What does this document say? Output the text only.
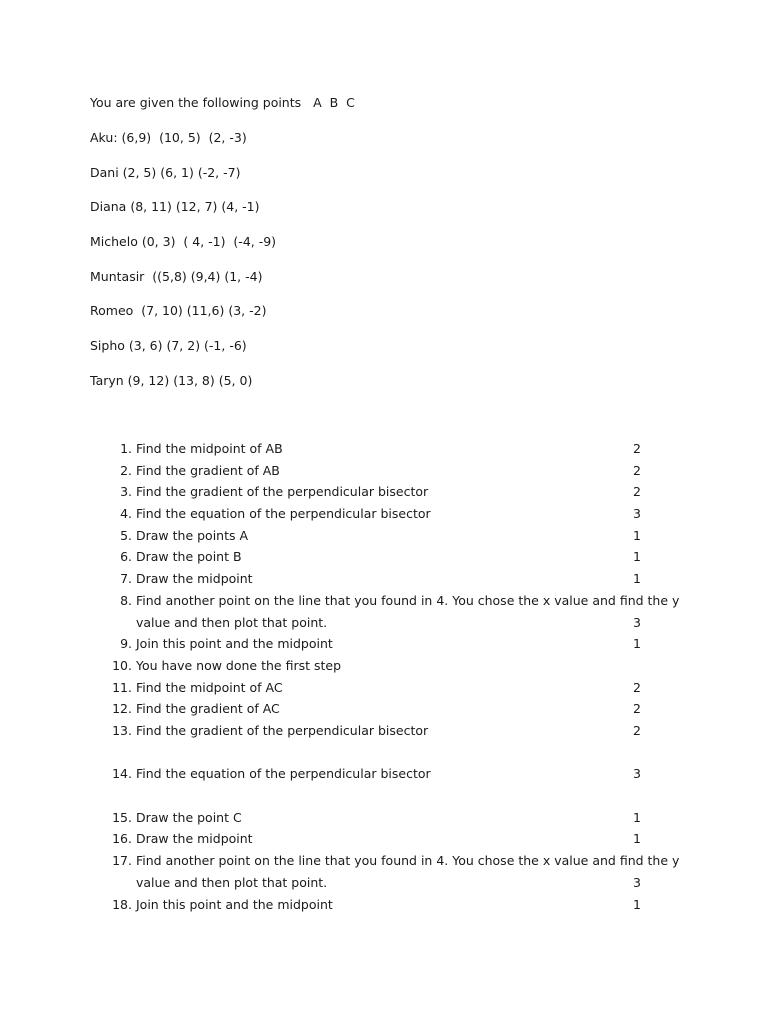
You are given the following points   A  B  C

Aku: (6,9)  (10, 5)  (2, -3)
Dani (2, 5) (6, 1) (-2, -7)
Diana (8, 11) (12, 7) (4, -1)
Michelo (0, 3)  ( 4, -1)  (-4, -9)
Muntasir  ((5,8) (9,4) (1, -4)
Romeo  (7, 10) (11,6) (3, -2)
Sipho (3, 6) (7, 2) (-1, -6)
Taryn (9, 12) (13, 8) (5, 0)
1. Find the midpoint of AB	2
2. Find the gradient of AB	2
3. Find the gradient of the perpendicular bisector	2
4. Find the equation of the perpendicular bisector	3
5. Draw the points A	1
6. Draw the point B	1
7. Draw the midpoint	1
8. Find another point on the line that you found in 4. You chose the x value and find the y
value and then plot that point.	3
9. Join this point and the midpoint	1
10. You have now done the first step
11. Find the midpoint of AC	2
12. Find the gradient of AC	2
13. Find the gradient of the perpendicular bisector	2
14. Find the equation of the perpendicular bisector	3
15. Draw the point C	1
16. Draw the midpoint	1
17. Find another point on the line that you found in 4. You chose the x value and find the y
value and then plot that point.	3
18. Join this point and the midpoint	1
